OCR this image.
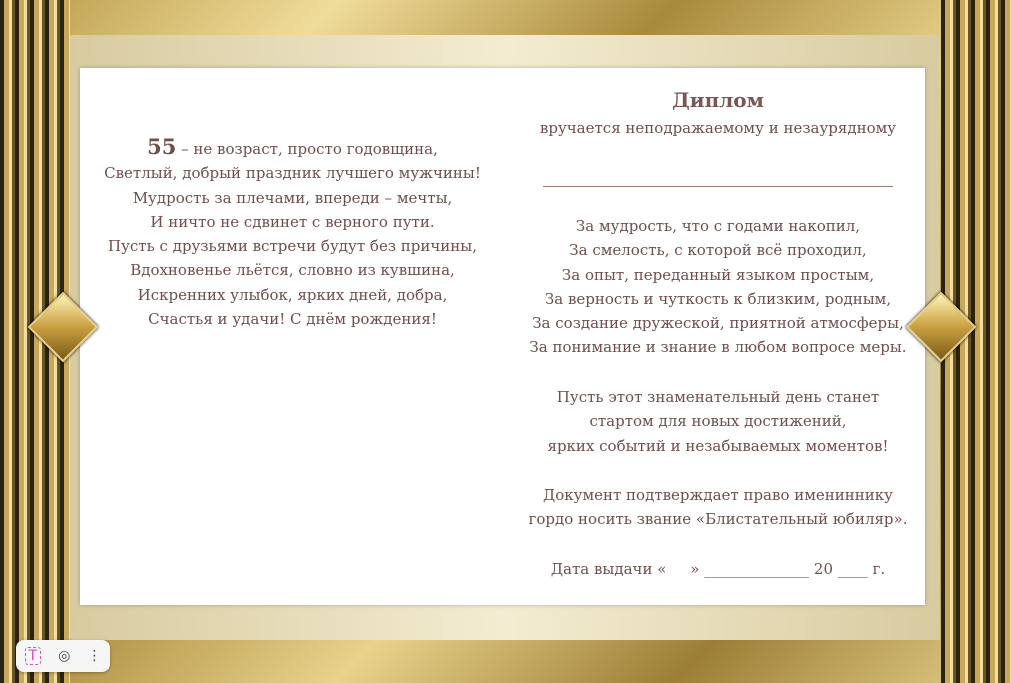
55 – не возраст, просто годовщина,
Светлый, добрый праздник лучшего мужчины!
Мудрость за плечами, впереди – мечты,
И ничто не сдвинет с верного пути.
Пусть с друзьями встречи будут без причины,
Вдохновенье льётся, словно из кувшина,
Искренних улыбок, ярких дней, добра,
Счастья и удачи! С днём рождения!
Диплом
вручается неподражаемому и незаурядному
За мудрость, что с годами накопил,
За смелость, с которой всё проходил,
За опыт, переданный языком простым,
За верность и чуткость к близким, родным,
За создание дружеской, приятной атмосферы,
За понимание и знание в любом вопросе меры.
Пусть этот знаменательный день станет
стартом для новых достижений,
ярких событий и незабываемых моментов!
Документ подтверждает право имениннику
гордо носить звание «Блистательный юбиляр».
Дата выдачи «     » ______________ 20 ____ г.
T ◎ ⋮
